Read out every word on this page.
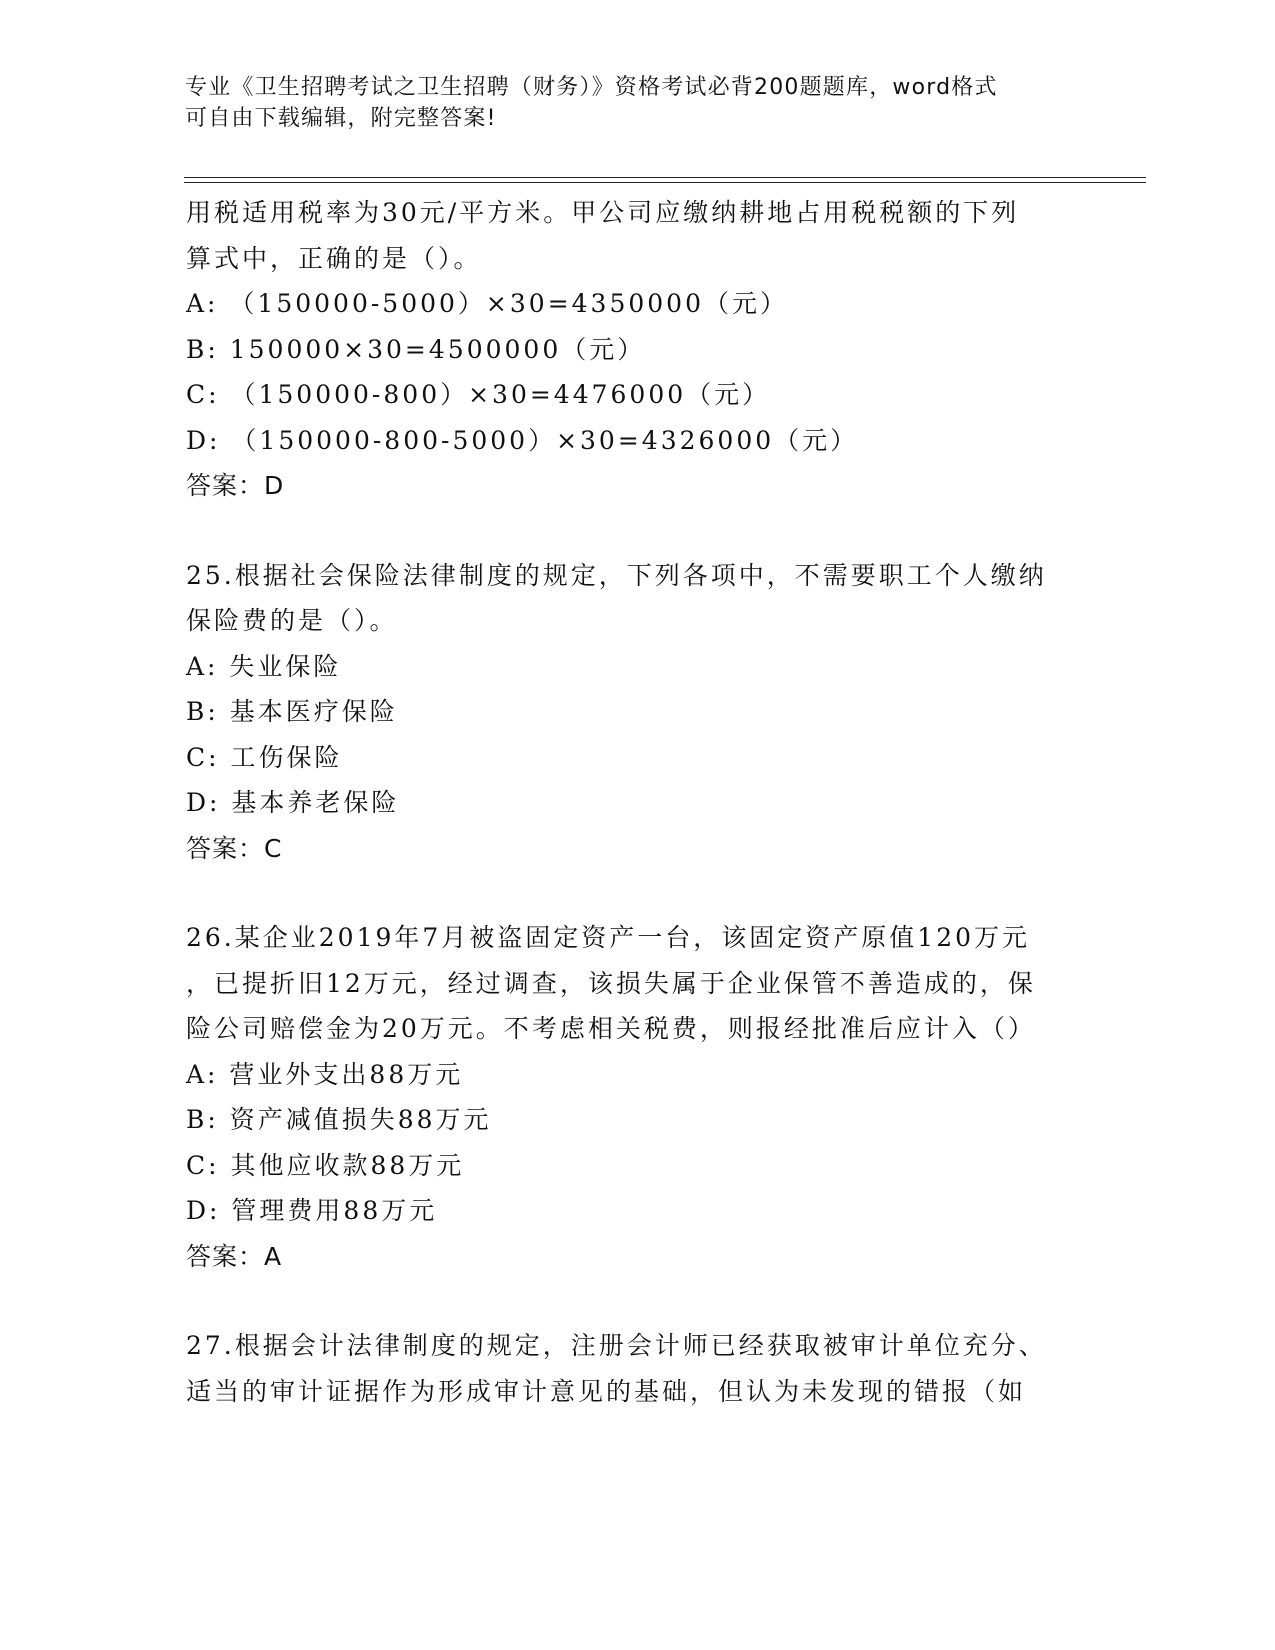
专业《卫生招聘考试之卫生招聘（财务）》资格考试必背200题题库，word格式
可自由下载编辑，附完整答案!
用税适用税率为30元/平方米。甲公司应缴纳耕地占用税税额的下列
算式中，正确的是（）。
A: （150000-5000）×30=4350000（元）
B: 150000×30=4500000（元）
C: （150000-800）×30=4476000（元）
D: （150000-800-5000）×30=4326000（元）
答案：D
25.根据社会保险法律制度的规定，下列各项中，不需要职工个人缴纳
保险费的是（）。
A: 失业保险
B: 基本医疗保险
C: 工伤保险
D: 基本养老保险
答案：C
26.某企业2019年7月被盗固定资产一台，该固定资产原值120万元
，已提折旧12万元，经过调查，该损失属于企业保管不善造成的，保
险公司赔偿金为20万元。不考虑相关税费，则报经批准后应计入（）
A: 营业外支出88万元
B: 资产减值损失88万元
C: 其他应收款88万元
D: 管理费用88万元
答案：A
27.根据会计法律制度的规定，注册会计师已经获取被审计单位充分、
适当的审计证据作为形成审计意见的基础，但认为未发现的错报（如
